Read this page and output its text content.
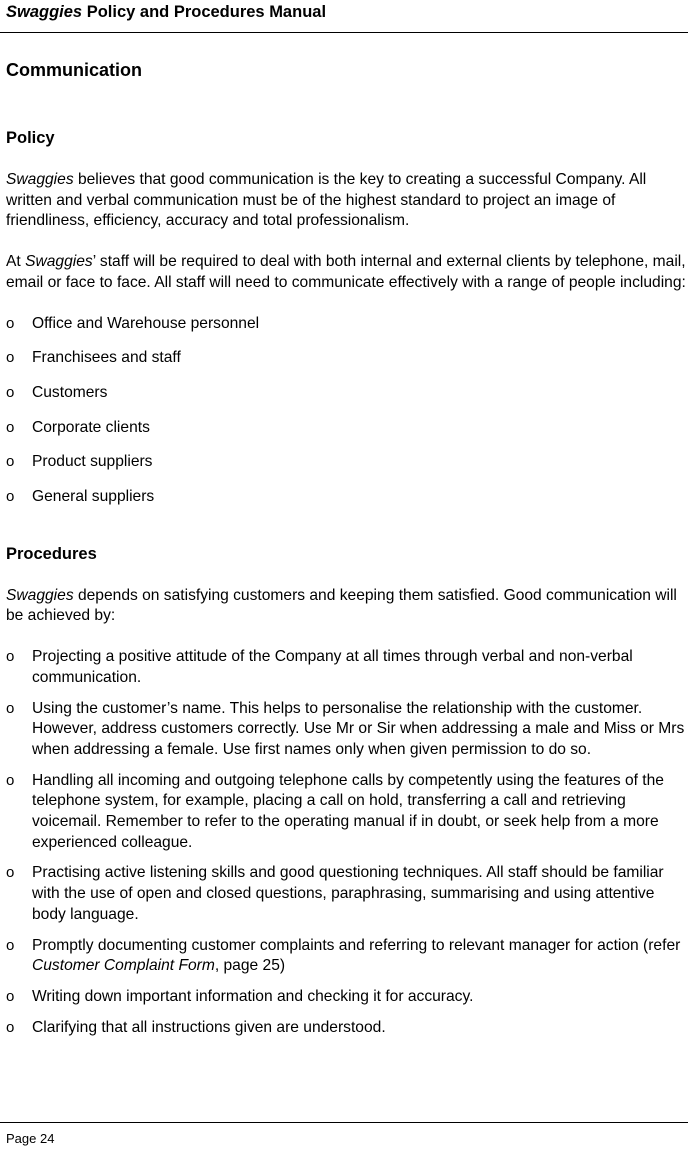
Swaggies Policy and Procedures Manual
Communication
Policy

Swaggies believes that good communication is the key to creating a successful Company. All written and verbal communication must be of the highest standard to project an image of friendliness, efficiency, accuracy and total professionalism.

At Swaggies’ staff will be required to deal with both internal and external clients by telephone, mail, email or face to face. All staff will need to communicate effectively with a range of people including:

o Office and Warehouse personnel
o Franchisees and staff
o Customers
o Corporate clients
o Product suppliers
o General suppliers
Procedures

Swaggies depends on satisfying customers and keeping them satisfied. Good communication will be achieved by:

o Projecting a positive attitude of the Company at all times through verbal and non-verbal communication.
o Using the customer’s name. This helps to personalise the relationship with the customer. However, address customers correctly. Use Mr or Sir when addressing a male and Miss or Mrs when addressing a female. Use first names only when given permission to do so.
o Handling all incoming and outgoing telephone calls by competently using the features of the telephone system, for example, placing a call on hold, transferring a call and retrieving voicemail. Remember to refer to the operating manual if in doubt, or seek help from a more experienced colleague.
o Practising active listening skills and good questioning techniques. All staff should be familiar with the use of open and closed questions, paraphrasing, summarising and using attentive body language.
o Promptly documenting customer complaints and referring to relevant manager for action (refer Customer Complaint Form, page 25)
o Writing down important information and checking it for accuracy.
o Clarifying that all instructions given are understood.
Page 24
